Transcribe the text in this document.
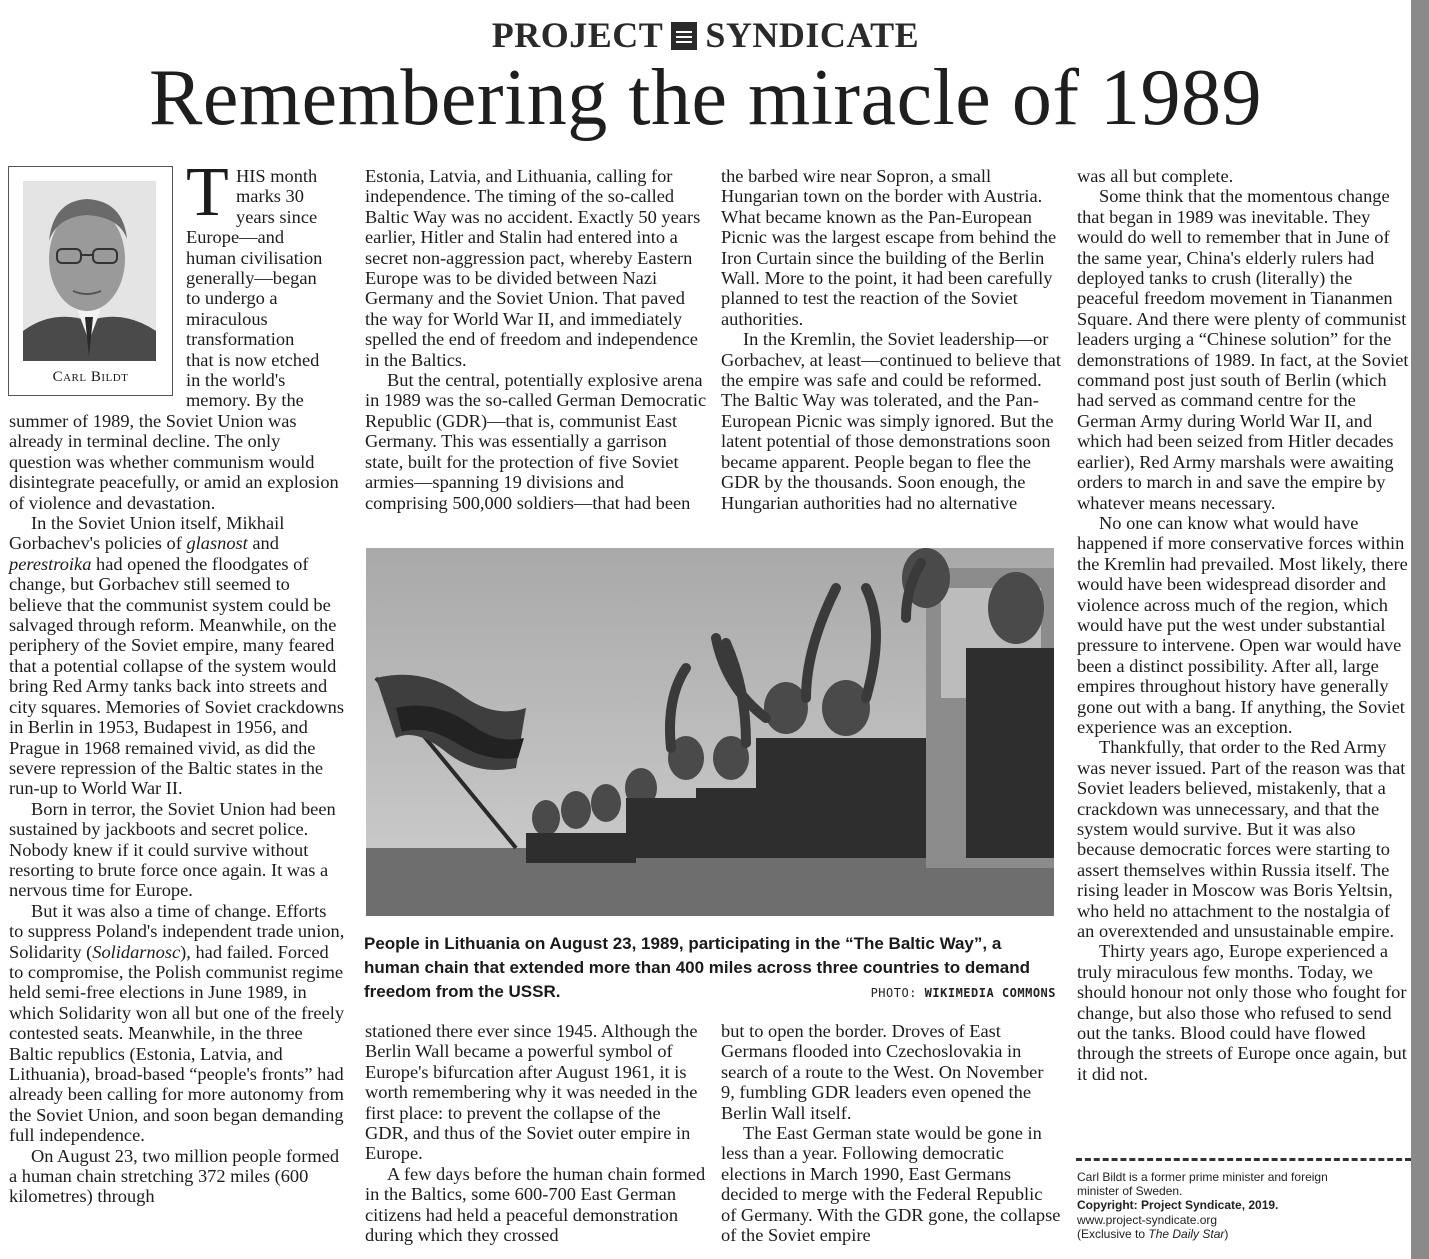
PROJECT SYNDICATE
Remembering the miracle of 1989
Carl Bildt
T HIS month
marks 30
years since
Europe—and
human civilisation
generally—began
to undergo a
miraculous
transformation
that is now etched
in the world's
memory. By the

summer of 1989, the Soviet Union was already in terminal decline. The only question was whether communism would disintegrate peacefully, or amid an explosion of violence and devastation.

In the Soviet Union itself, Mikhail Gorbachev's policies of glasnost and perestroika had opened the floodgates of change, but Gorbachev still seemed to believe that the communist system could be salvaged through reform. Meanwhile, on the periphery of the Soviet empire, many feared that a potential collapse of the system would bring Red Army tanks back into streets and city squares. Memories of Soviet crackdowns in Berlin in 1953, Budapest in 1956, and Prague in 1968 remained vivid, as did the severe repression of the Baltic states in the run-up to World War II.

Born in terror, the Soviet Union had been sustained by jackboots and secret police. Nobody knew if it could survive without resorting to brute force once again. It was a nervous time for Europe.

But it was also a time of change. Efforts to suppress Poland's independent trade union, Solidarity (Solidarnosc), had failed. Forced to compromise, the Polish communist regime held semi-free elections in June 1989, in which Solidarity won all but one of the freely contested seats. Meanwhile, in the three Baltic republics (Estonia, Latvia, and Lithuania), broad-based “people's fronts” had already been calling for more autonomy from the Soviet Union, and soon began demanding full independence.

On August 23, two million people formed a human chain stretching 372 miles (600 kilometres) through

Estonia, Latvia, and Lithuania, calling for independence. The timing of the so-called Baltic Way was no accident. Exactly 50 years earlier, Hitler and Stalin had entered into a secret non-aggression pact, whereby Eastern Europe was to be divided between Nazi Germany and the Soviet Union. That paved the way for World War II, and immediately spelled the end of freedom and independence in the Baltics.

But the central, potentially explosive arena in 1989 was the so-called German Democratic Republic (GDR)—that is, communist East Germany. This was essentially a garrison state, built for the protection of five Soviet armies—spanning 19 divisions and comprising 500,000 soldiers—that had been

stationed there ever since 1945. Although the Berlin Wall became a powerful symbol of Europe's bifurcation after August 1961, it is worth remembering why it was needed in the first place: to prevent the collapse of the GDR, and thus of the Soviet outer empire in Europe.

A few days before the human chain formed in the Baltics, some 600-700 East German citizens had held a peaceful demonstration during which they crossed

the barbed wire near Sopron, a small Hungarian town on the border with Austria. What became known as the Pan-European Picnic was the largest escape from behind the Iron Curtain since the building of the Berlin Wall. More to the point, it had been carefully planned to test the reaction of the Soviet authorities.

In the Kremlin, the Soviet leadership—or Gorbachev, at least—continued to believe that the empire was safe and could be reformed. The Baltic Way was tolerated, and the Pan-European Picnic was simply ignored. But the latent potential of those demonstrations soon became apparent. People began to flee the GDR by the thousands. Soon enough, the Hungarian authorities had no alternative

but to open the border. Droves of East Germans flooded into Czechoslovakia in search of a route to the West. On November 9, fumbling GDR leaders even opened the Berlin Wall itself.

The East German state would be gone in less than a year. Following democratic elections in March 1990, East Germans decided to merge with the Federal Republic of Germany. With the GDR gone, the collapse of the Soviet empire

was all but complete.

Some think that the momentous change that began in 1989 was inevitable. They would do well to remember that in June of the same year, China's elderly rulers had deployed tanks to crush (literally) the peaceful freedom movement in Tiananmen Square. And there were plenty of communist leaders urging a “Chinese solution” for the demonstrations of 1989. In fact, at the Soviet command post just south of Berlin (which had served as command centre for the German Army during World War II, and which had been seized from Hitler decades earlier), Red Army marshals were awaiting orders to march in and save the empire by whatever means necessary.

No one can know what would have happened if more conservative forces within the Kremlin had prevailed. Most likely, there would have been widespread disorder and violence across much of the region, which would have put the west under substantial pressure to intervene. Open war would have been a distinct possibility. After all, large empires throughout history have generally gone out with a bang. If anything, the Soviet experience was an exception.

Thankfully, that order to the Red Army was never issued. Part of the reason was that Soviet leaders believed, mistakenly, that a crackdown was unnecessary, and that the system would survive. But it was also because democratic forces were starting to assert themselves within Russia itself. The rising leader in Moscow was Boris Yeltsin, who held no attachment to the nostalgia of an overextended and unsustainable empire.

Thirty years ago, Europe experienced a truly miraculous few months. Today, we should honour not only those who fought for change, but also those who refused to send out the tanks. Blood could have flowed through the streets of Europe once again, but it did not.

People in Lithuania on August 23, 1989, participating in the “The Baltic Way”, a human chain that extended more than 400 miles across three countries to demand freedom from the USSR.	PHOTO: WIKIMEDIA COMMONS
Carl Bildt is a former prime minister and foreign
minister of Sweden.
Copyright: Project Syndicate, 2019.
www.project-syndicate.org
(Exclusive to The Daily Star)
